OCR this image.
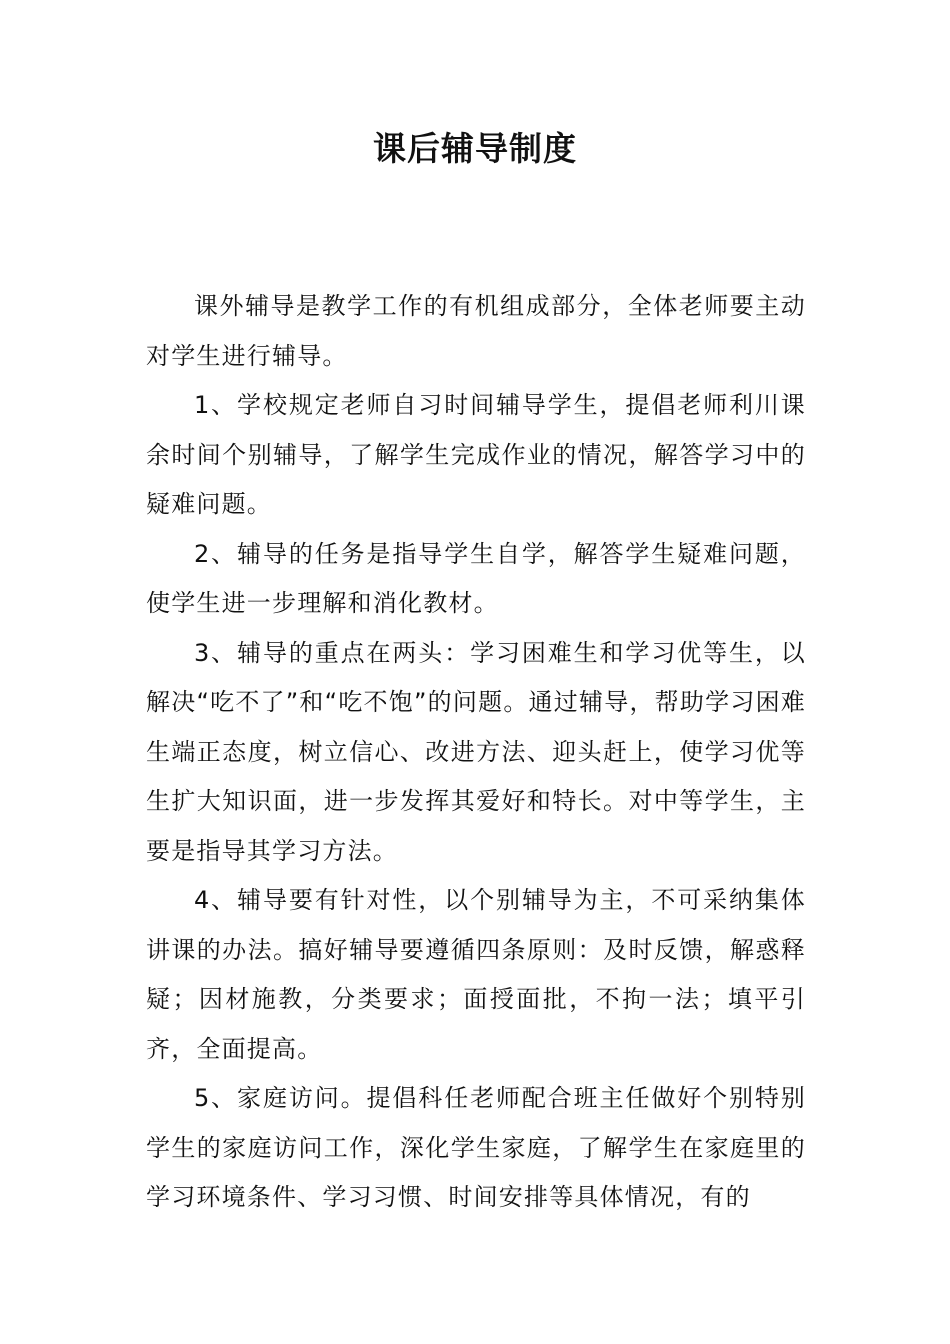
课后辅导制度

课外辅导是教学工作的有机组成部分，全体老师要主动对学生进行辅导。

1、学校规定老师自习时间辅导学生，提倡老师利川课余时间个别辅导，了解学生完成作业的情况，解答学习中的疑难问题。

2、辅导的任务是指导学生自学，解答学生疑难问题，使学生进一步理解和消化教材。

3、辅导的重点在两头：学习困难生和学习优等生，以解决“吃不了”和“吃不饱”的问题。通过辅导，帮助学习困难生端正态度，树立信心、改进方法、迎头赶上，使学习优等生扩大知识面，进一步发挥其爱好和特长。对中等学生，主要是指导其学习方法。

4、辅导要有针对性，以个别辅导为主，不可采纳集体讲课的办法。搞好辅导要遵循四条原则：及时反馈，解惑释疑；因材施教，分类要求；面授面批，不拘一法；填平引齐，全面提高。

5、家庭访问。提倡科任老师配合班主任做好个别特别学生的家庭访问工作，深化学生家庭，了解学生在家庭里的学习环境条件、学习习惯、时间安排等具体情况，有的
